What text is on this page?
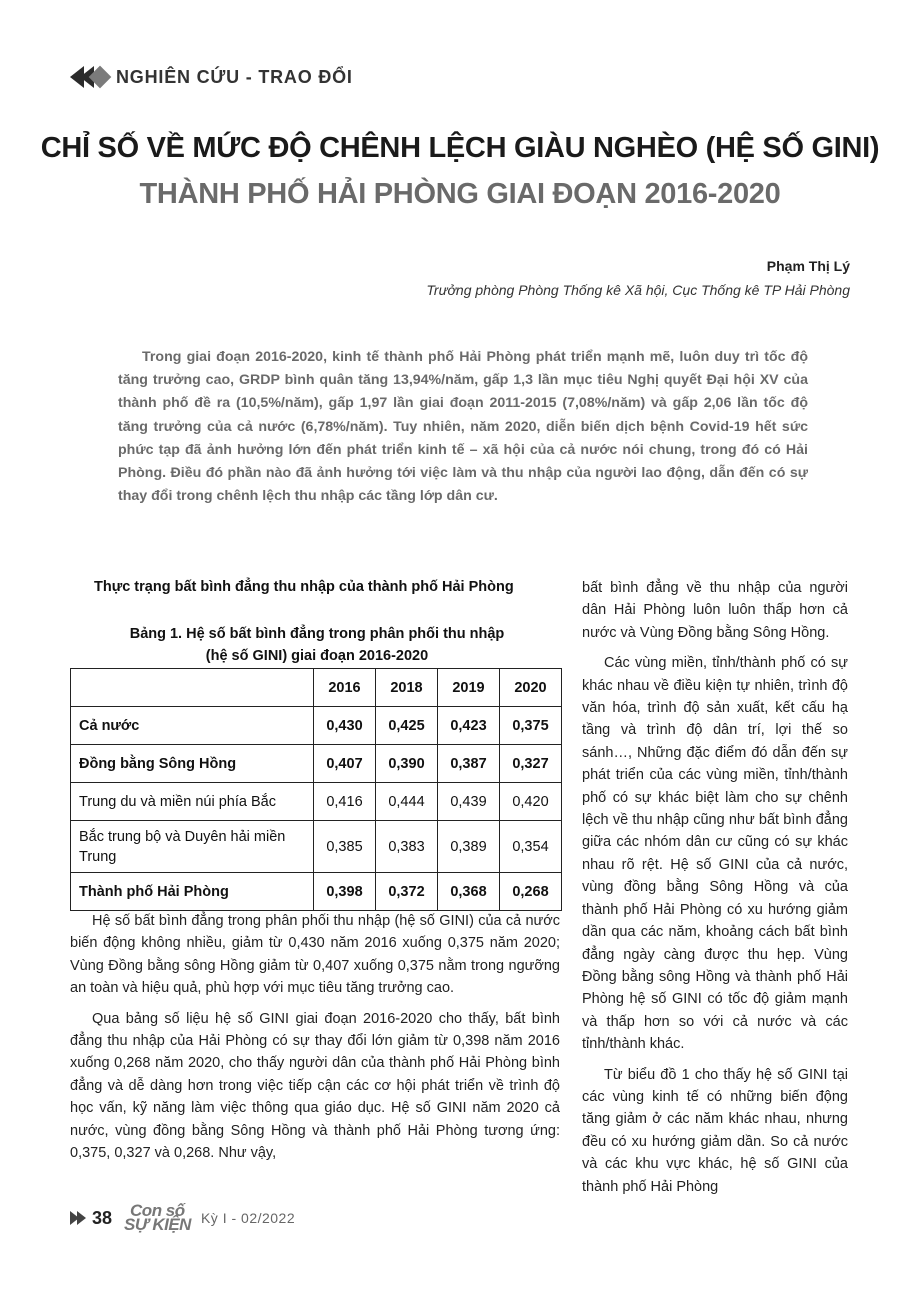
NGHIÊN CỨU - TRAO ĐỔI
CHỈ SỐ VỀ MỨC ĐỘ CHÊNH LỆCH GIÀU NGHÈO (HỆ SỐ GINI)
THÀNH PHỐ HẢI PHÒNG GIAI ĐOẠN 2016-2020
Phạm Thị Lý
Trưởng phòng Phòng Thống kê Xã hội, Cục Thống kê TP Hải Phòng

Trong giai đoạn 2016-2020, kinh tế thành phố Hải Phòng phát triển mạnh mẽ, luôn duy trì tốc độ tăng trưởng cao, GRDP bình quân tăng 13,94%/năm, gấp 1,3 lần mục tiêu Nghị quyết Đại hội XV của thành phố đề ra (10,5%/năm), gấp 1,97 lần giai đoạn 2011-2015 (7,08%/năm) và gấp 2,06 lần tốc độ tăng trưởng của cả nước (6,78%/năm). Tuy nhiên, năm 2020, diễn biến dịch bệnh Covid-19 hết sức phức tạp đã ảnh hưởng lớn đến phát triển kinh tế – xã hội của cả nước nói chung, trong đó có Hải Phòng. Điều đó phần nào đã ảnh hưởng tới việc làm và thu nhập của người lao động, dẫn đến có sự thay đổi trong chênh lệch thu nhập các tầng lớp dân cư.

Thực trạng bất bình đẳng thu nhập của thành phố Hải Phòng
Bảng 1. Hệ số bất bình đẳng trong phân phối thu nhập
(hệ số GINI) giai đoạn 2016-2020
	2016	2018	2019	2020
Cả nước	0,430	0,425	0,423	0,375
Đồng bằng Sông Hồng	0,407	0,390	0,387	0,327
Trung du và miền núi phía Bắc	0,416	0,444	0,439	0,420
Bắc trung bộ và Duyên hải miền Trung	0,385	0,383	0,389	0,354
Thành phố Hải Phòng	0,398	0,372	0,368	0,268

Hệ số bất bình đẳng trong phân phối thu nhập (hệ số GINI) của cả nước biến động không nhiều, giảm từ 0,430 năm 2016 xuống 0,375 năm 2020; Vùng Đồng bằng sông Hồng giảm từ 0,407 xuống 0,375 nằm trong ngưỡng an toàn và hiệu quả, phù hợp với mục tiêu tăng trưởng cao.

Qua bảng số liệu hệ số GINI giai đoạn 2016-2020 cho thấy, bất bình đẳng thu nhập của Hải Phòng có sự thay đổi lớn giảm từ 0,398 năm 2016 xuống 0,268 năm 2020, cho thấy người dân của thành phố Hải Phòng bình đẳng và dễ dàng hơn trong việc tiếp cận các cơ hội phát triển về trình độ học vấn, kỹ năng làm việc thông qua giáo dục. Hệ số GINI năm 2020 cả nước, vùng đồng bằng Sông Hồng và thành phố Hải Phòng tương ứng: 0,375, 0,327 và 0,268. Như vậy,

bất bình đẳng về thu nhập của người dân Hải Phòng luôn luôn thấp hơn cả nước và Vùng Đồng bằng Sông Hồng.

Các vùng miền, tỉnh/thành phố có sự khác nhau về điều kiện tự nhiên, trình độ văn hóa, trình độ sản xuất, kết cấu hạ tầng và trình độ dân trí, lợi thế so sánh…, Những đặc điểm đó dẫn đến sự phát triển của các vùng miền, tỉnh/thành phố có sự khác biệt làm cho sự chênh lệch về thu nhập cũng như bất bình đẳng giữa các nhóm dân cư cũng có sự khác nhau rõ rệt. Hệ số GINI của cả nước, vùng đồng bằng Sông Hồng và của thành phố Hải Phòng có xu hướng giảm dần qua các năm, khoảng cách bất bình đẳng ngày càng được thu hẹp. Vùng Đồng bằng sông Hồng và thành phố Hải Phòng hệ số GINI có tốc độ giảm mạnh và thấp hơn so với cả nước và các tỉnh/thành khác.

Từ biểu đồ 1 cho thấy hệ số GINI tại các vùng kinh tế có những biến động tăng giảm ở các năm khác nhau, nhưng đều có xu hướng giảm dần. So cả nước và các khu vực khác, hệ số GINI của thành phố Hải Phòng

38 Con số
SỰ KIỆN Kỳ I - 02/2022
